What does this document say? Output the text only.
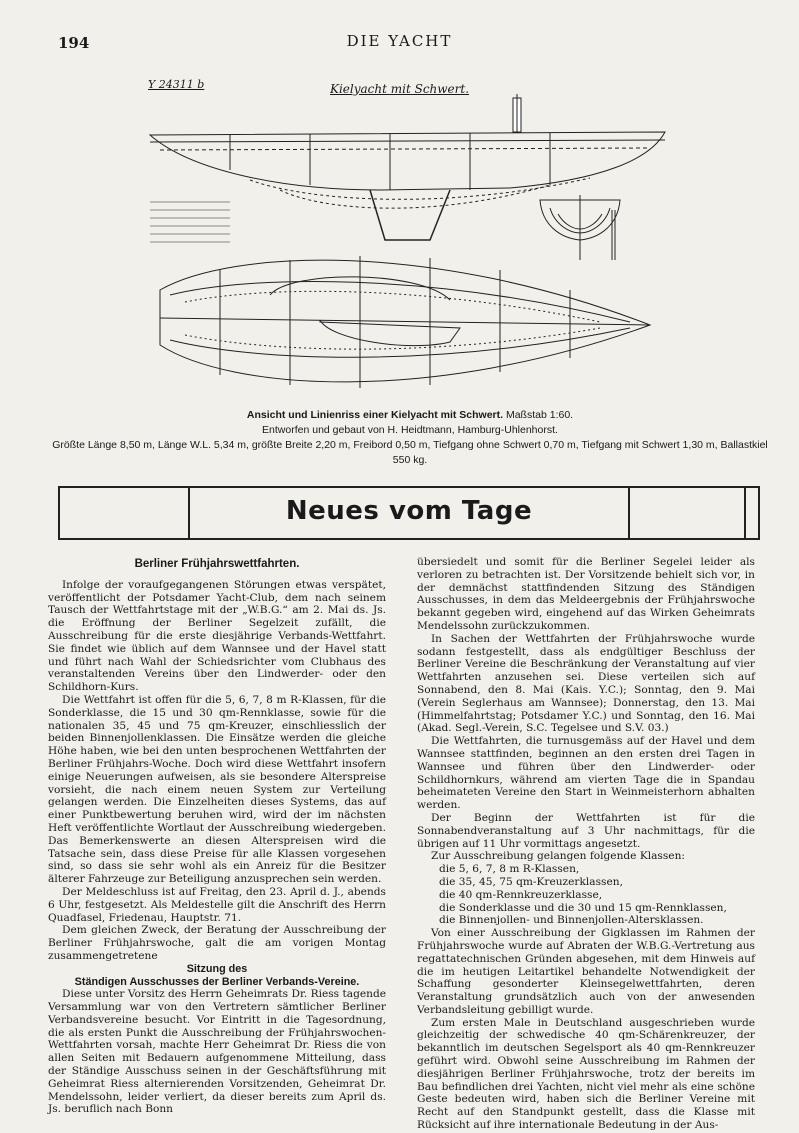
194	DIE YACHT
Y 24311 b	Kielyacht mit Schwert.
Ansicht und Linienriss einer Kielyacht mit Schwert. Maßstab 1:60.
Entworfen und gebaut von H. Heidtmann, Hamburg-Uhlenhorst.
Größte Länge 8,50 m, Länge W.L. 5,34 m, größte Breite 2,20 m, Freibord 0,50 m, Tiefgang ohne Schwert 0,70 m, Tiefgang mit Schwert 1,30 m, Ballastkiel 550 kg.
Neues vom Tage

Berliner Frühjahrswettfahrten.

Infolge der voraufgegangenen Störungen etwas verspätet, veröffentlicht der Potsdamer Yacht-Club, dem nach seinem Tausch der Wettfahrtstage mit der „W.B.G.“ am 2. Mai ds. Js. die Eröffnung der Berliner Segelzeit zufällt, die Ausschreibung für die erste diesjährige Verbands-Wettfahrt. Sie findet wie üblich auf dem Wannsee und der Havel statt und führt nach Wahl der Schiedsrichter vom Clubhaus des veranstaltenden Vereins über den Lindwerder- oder den Schildhorn-Kurs.

Die Wettfahrt ist offen für die 5, 6, 7, 8 m R-Klassen, für die Sonderklasse, die 15 und 30 qm-Rennklasse, sowie für die nationalen 35, 45 und 75 qm-Kreuzer, einschliesslich der beiden Binnenjollenklassen. Die Einsätze werden die gleiche Höhe haben, wie bei den unten besprochenen Wettfahrten der Berliner Frühjahrs-Woche. Doch wird diese Wettfahrt insofern einige Neuerungen aufweisen, als sie besondere Alterspreise vorsieht, die nach einem neuen System zur Verteilung gelangen werden. Die Einzelheiten dieses Systems, das auf einer Punktbewertung beruhen wird, wird der im nächsten Heft veröffentlichte Wortlaut der Ausschreibung wiedergeben. Das Bemerkenswerte an diesen Alterspreisen wird die Tatsache sein, dass diese Preise für alle Klassen vorgesehen sind, so dass sie sehr wohl als ein Anreiz für die Besitzer älterer Fahrzeuge zur Beteiligung anzusprechen sein werden.

Der Meldeschluss ist auf Freitag, den 23. April d. J., abends 6 Uhr, festgesetzt. Als Meldestelle gilt die Anschrift des Herrn Quadfasel, Friedenau, Hauptstr. 71.

Dem gleichen Zweck, der Beratung der Ausschreibung der Berliner Frühjahrswoche, galt die am vorigen Montag zusammengetretene

Sitzung des

Ständigen Ausschusses der Berliner Verbands-Vereine.

Diese unter Vorsitz des Herrn Geheimrats Dr. Riess tagende Versammlung war von den Vertretern sämtlicher Berliner Verbandsvereine besucht. Vor Eintritt in die Tagesordnung, die als ersten Punkt die Ausschreibung der Frühjahrswochen-Wettfahrten vorsah, machte Herr Geheimrat Dr. Riess die von allen Seiten mit Bedauern aufgenommene Mitteilung, dass der Ständige Ausschuss seinen in der Geschäftsführung mit Geheimrat Riess alternierenden Vorsitzenden, Geheimrat Dr. Mendelssohn, leider verliert, da dieser bereits zum April ds. Js. beruflich nach Bonn

übersiedelt und somit für die Berliner Segelei leider als verloren zu betrachten ist. Der Vorsitzende behielt sich vor, in der demnächst stattfindenden Sitzung des Ständigen Ausschusses, in dem das Meldeergebnis der Frühjahrswoche bekannt gegeben wird, eingehend auf das Wirken Geheimrats Mendelssohn zurückzukommen.

In Sachen der Wettfahrten der Frühjahrswoche wurde sodann festgestellt, dass als endgültiger Beschluss der Berliner Vereine die Beschränkung der Veranstaltung auf vier Wettfahrten anzusehen sei. Diese verteilen sich auf Sonnabend, den 8. Mai (Kais. Y.C.); Sonntag, den 9. Mai (Verein Seglerhaus am Wannsee); Donnerstag, den 13. Mai (Himmelfahrtstag; Potsdamer Y.C.) und Sonntag, den 16. Mai (Akad. Segl.-Verein, S.C. Tegelsee und S.V. 03.)

Die Wettfahrten, die turnusgemäss auf der Havel und dem Wannsee stattfinden, beginnen an den ersten drei Tagen in Wannsee und führen über den Lindwerder- oder Schildhornkurs, während am vierten Tage die in Spandau beheimateten Vereine den Start in Weinmeisterhorn abhalten werden.

Der Beginn der Wettfahrten ist für die Sonnabendveranstaltung auf 3 Uhr nachmittags, für die übrigen auf 11 Uhr vormittags angesetzt.

Zur Ausschreibung gelangen folgende Klassen:

die 5, 6, 7, 8 m R-Klassen,
die 35, 45, 75 qm-Kreuzerklassen,
die 40 qm-Rennkreuzerklasse,
die Sonderklasse und die 30 und 15 qm-Rennklassen,
die Binnenjollen- und Binnenjollen-Altersklassen.

Von einer Ausschreibung der Gigklassen im Rahmen der Frühjahrswoche wurde auf Abraten der W.B.G.-Vertretung aus regattatechnischen Gründen abgesehen, mit dem Hinweis auf die im heutigen Leitartikel behandelte Notwendigkeit der Schaffung gesonderter Kleinsegelwettfahrten, deren Veranstaltung grundsätzlich auch von der anwesenden Verbandsleitung gebilligt wurde.

Zum ersten Male in Deutschland ausgeschrieben wurde gleichzeitig der schwedische 40 qm-Schärenkreuzer, der bekanntlich im deutschen Segelsport als 40 qm-Rennkreuzer geführt wird. Obwohl seine Ausschreibung im Rahmen der diesjährigen Berliner Frühjahrswoche, trotz der bereits im Bau befindlichen drei Yachten, nicht viel mehr als eine schöne Geste bedeuten wird, haben sich die Berliner Vereine mit Recht auf den Standpunkt gestellt, dass die Klasse mit Rücksicht auf ihre internationale Bedeutung in der Aus-
